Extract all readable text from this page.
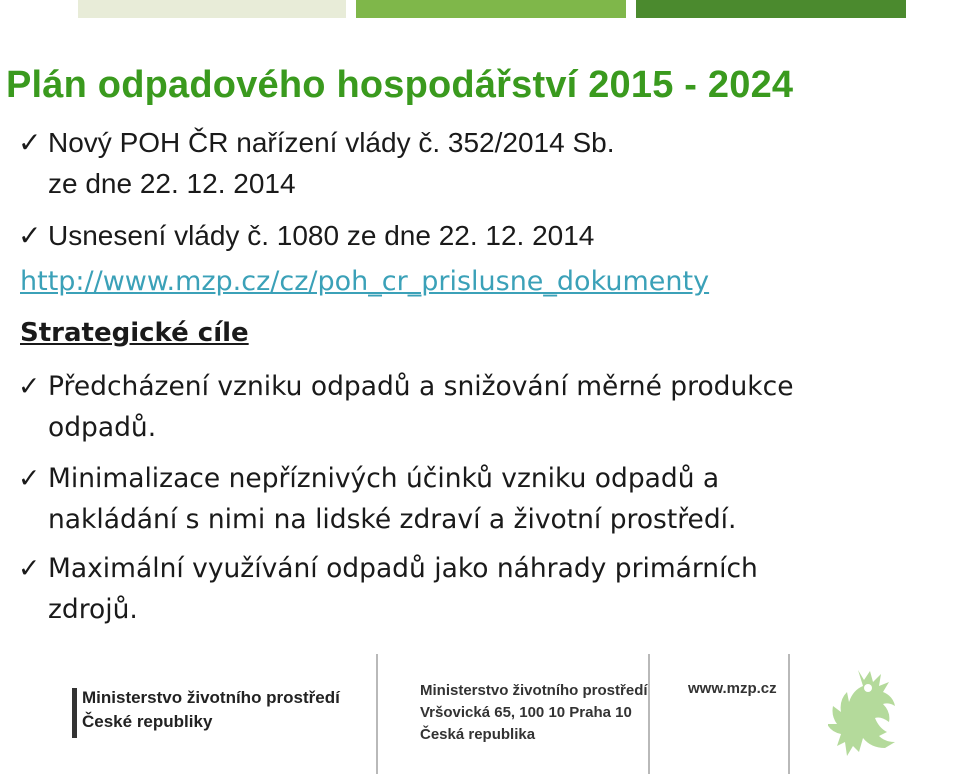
Plán odpadového hospodářství 2015 - 2024
✓ Nový POH ČR nařízení vlády č. 352/2014 Sb.
ze dne 22. 12. 2014
✓ Usnesení vlády č. 1080 ze dne 22. 12. 2014
http://www.mzp.cz/cz/poh_cr_prislusne_dokumenty
Strategické cíle
✓ Předcházení vzniku odpadů a snižování měrné produkce
odpadů.
✓ Minimalizace nepříznivých účinků vzniku odpadů a
nakládání s nimi na lidské zdraví a životní prostředí.
✓ Maximální využívání odpadů jako náhrady primárních
zdrojů.
Ministerstvo životního prostředí
České republiky
Ministerstvo životního prostředí
Vršovická 65, 100 10 Praha 10
Česká republika
www.mzp.cz
